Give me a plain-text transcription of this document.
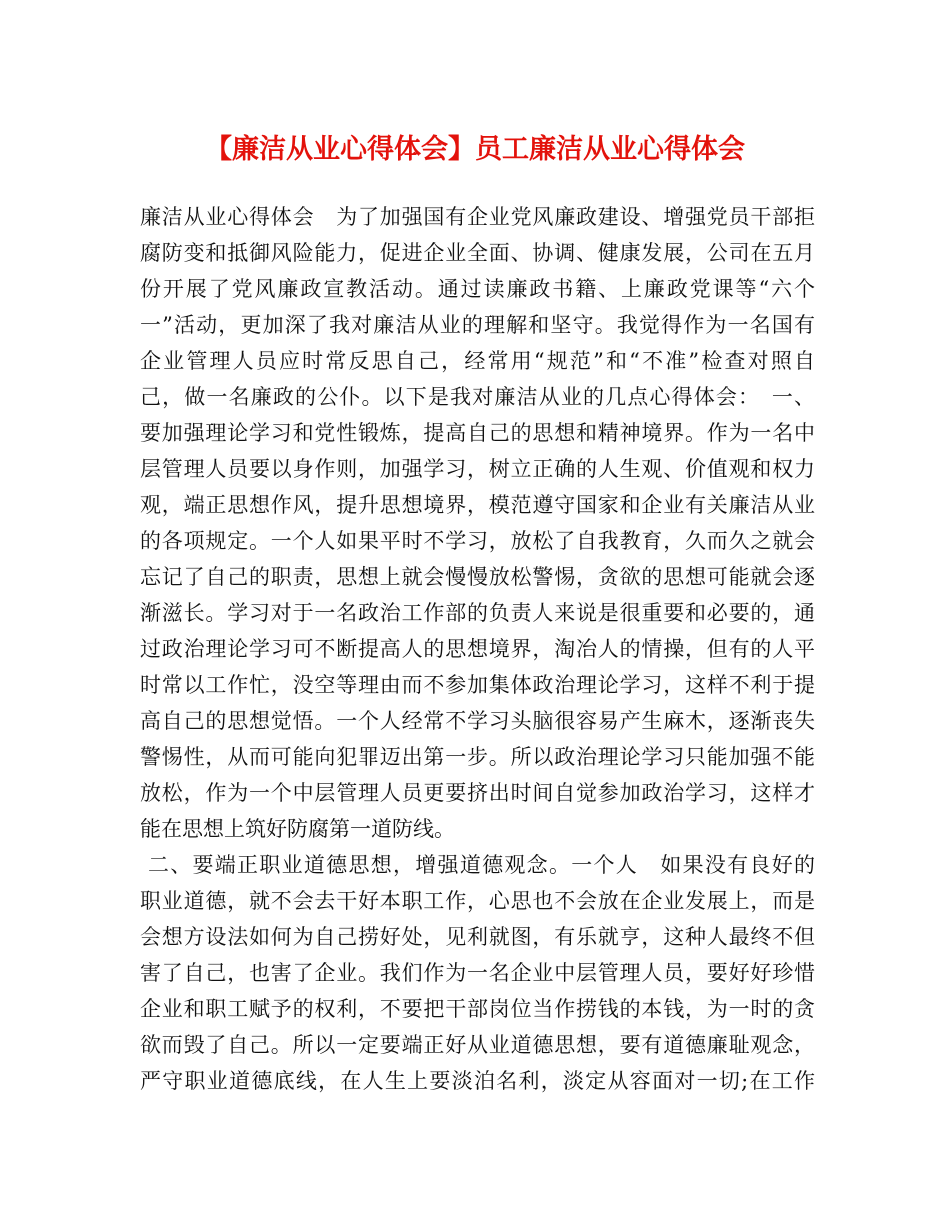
【廉洁从业心得体会】员工廉洁从业心得体会
廉洁从业心得体会　为了加强国有企业党风廉政建设、增强党员干部拒
腐防变和抵御风险能力，促进企业全面、协调、健康发展，公司在五月
份开展了党风廉政宣教活动。通过读廉政书籍、上廉政党课等“六个
一”活动，更加深了我对廉洁从业的理解和坚守。我觉得作为一名国有
企业管理人员应时常反思自己，经常用“规范”和“不准”检查对照自
己，做一名廉政的公仆。以下是我对廉洁从业的几点心得体会：　一、
要加强理论学习和党性锻炼，提高自己的思想和精神境界。作为一名中
层管理人员要以身作则，加强学习，树立正确的人生观、价值观和权力
观，端正思想作风，提升思想境界，模范遵守国家和企业有关廉洁从业
的各项规定。一个人如果平时不学习，放松了自我教育，久而久之就会
忘记了自己的职责，思想上就会慢慢放松警惕，贪欲的思想可能就会逐
渐滋长。学习对于一名政治工作部的负责人来说是很重要和必要的，通
过政治理论学习可不断提高人的思想境界，淘冶人的情操，但有的人平
时常以工作忙，没空等理由而不参加集体政治理论学习，这样不利于提
高自己的思想觉悟。一个人经常不学习头脑很容易产生麻木，逐渐丧失
警惕性，从而可能向犯罪迈出第一步。所以政治理论学习只能加强不能
放松，作为一个中层管理人员更要挤出时间自觉参加政治学习，这样才
能在思想上筑好防腐第一道防线。
二、要端正职业道德思想，增强道德观念。一个人　如果没有良好的
职业道德，就不会去干好本职工作，心思也不会放在企业发展上，而是
会想方设法如何为自己捞好处，见利就图，有乐就亨，这种人最终不但
害了自己，也害了企业。我们作为一名企业中层管理人员，要好好珍惜
企业和职工赋予的权利，不要把干部岗位当作捞钱的本钱，为一时的贪
欲而毁了自己。所以一定要端正好从业道德思想，要有道德廉耻观念，
严守职业道德底线，在人生上要淡泊名利，淡定从容面对一切;在工作
